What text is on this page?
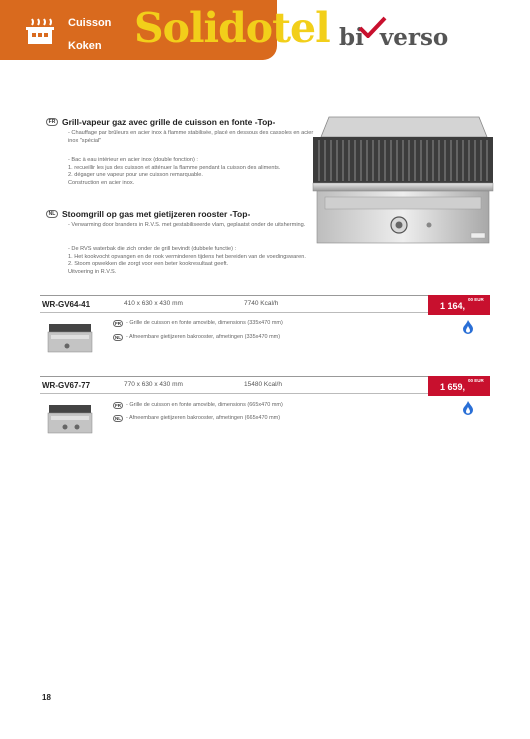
Cuisson
Koken Solidotel bi verso
FR Grill-vapeur gaz avec grille de cuisson en fonte -Top-
- Chauffage par brûleurs en acier inox à flamme stabilisée, placé en dessous des cassoles en acier inox "spécial"
- Bac à eau intérieur en acier inox (double fonction) :
1. recueillir les jus des cuisson et atténuer la flamme pendant la cuisson des aliments.
2. dégager une vapeur pour une cuisson remarquable.
Construction en acier inox.
NL Stoomgrill op gas met gietijzeren rooster -Top-
- Verwarming door branders in R.V.S. met gestabiliseerde vlam, geplaatst onder de uitsherming.
- De RVS waterbak die zich onder de grill bevindt (dubbele functie) :
1. Het kookvocht opvangen en de rook verminderen tijdens het bereiden van de voedingswaren.
2. Stoom opwekken die zorgt voor een beter kookresultaat geeft.
Uitvoering in R.V.S.
WR-GV64-41	410 x 630 x 430 mm	7740 Kcal/h	1 164,
00 EUR
FR - Grille de cuisson en fonte amovible, dimensions (335x470 mm)
NL - Afneembare gietijzeren bakrooster, afmetingen (335x470 mm)
WR-GV67-77	770 x 630 x 430 mm	15480 Kcal/h	1 659,
00 EUR
FR - Grille de cuisson en fonte amovible, dimensions (665x470 mm)
NL - Afneembare gietijzeren bakrooster, afmetingen (665x470 mm)
18
